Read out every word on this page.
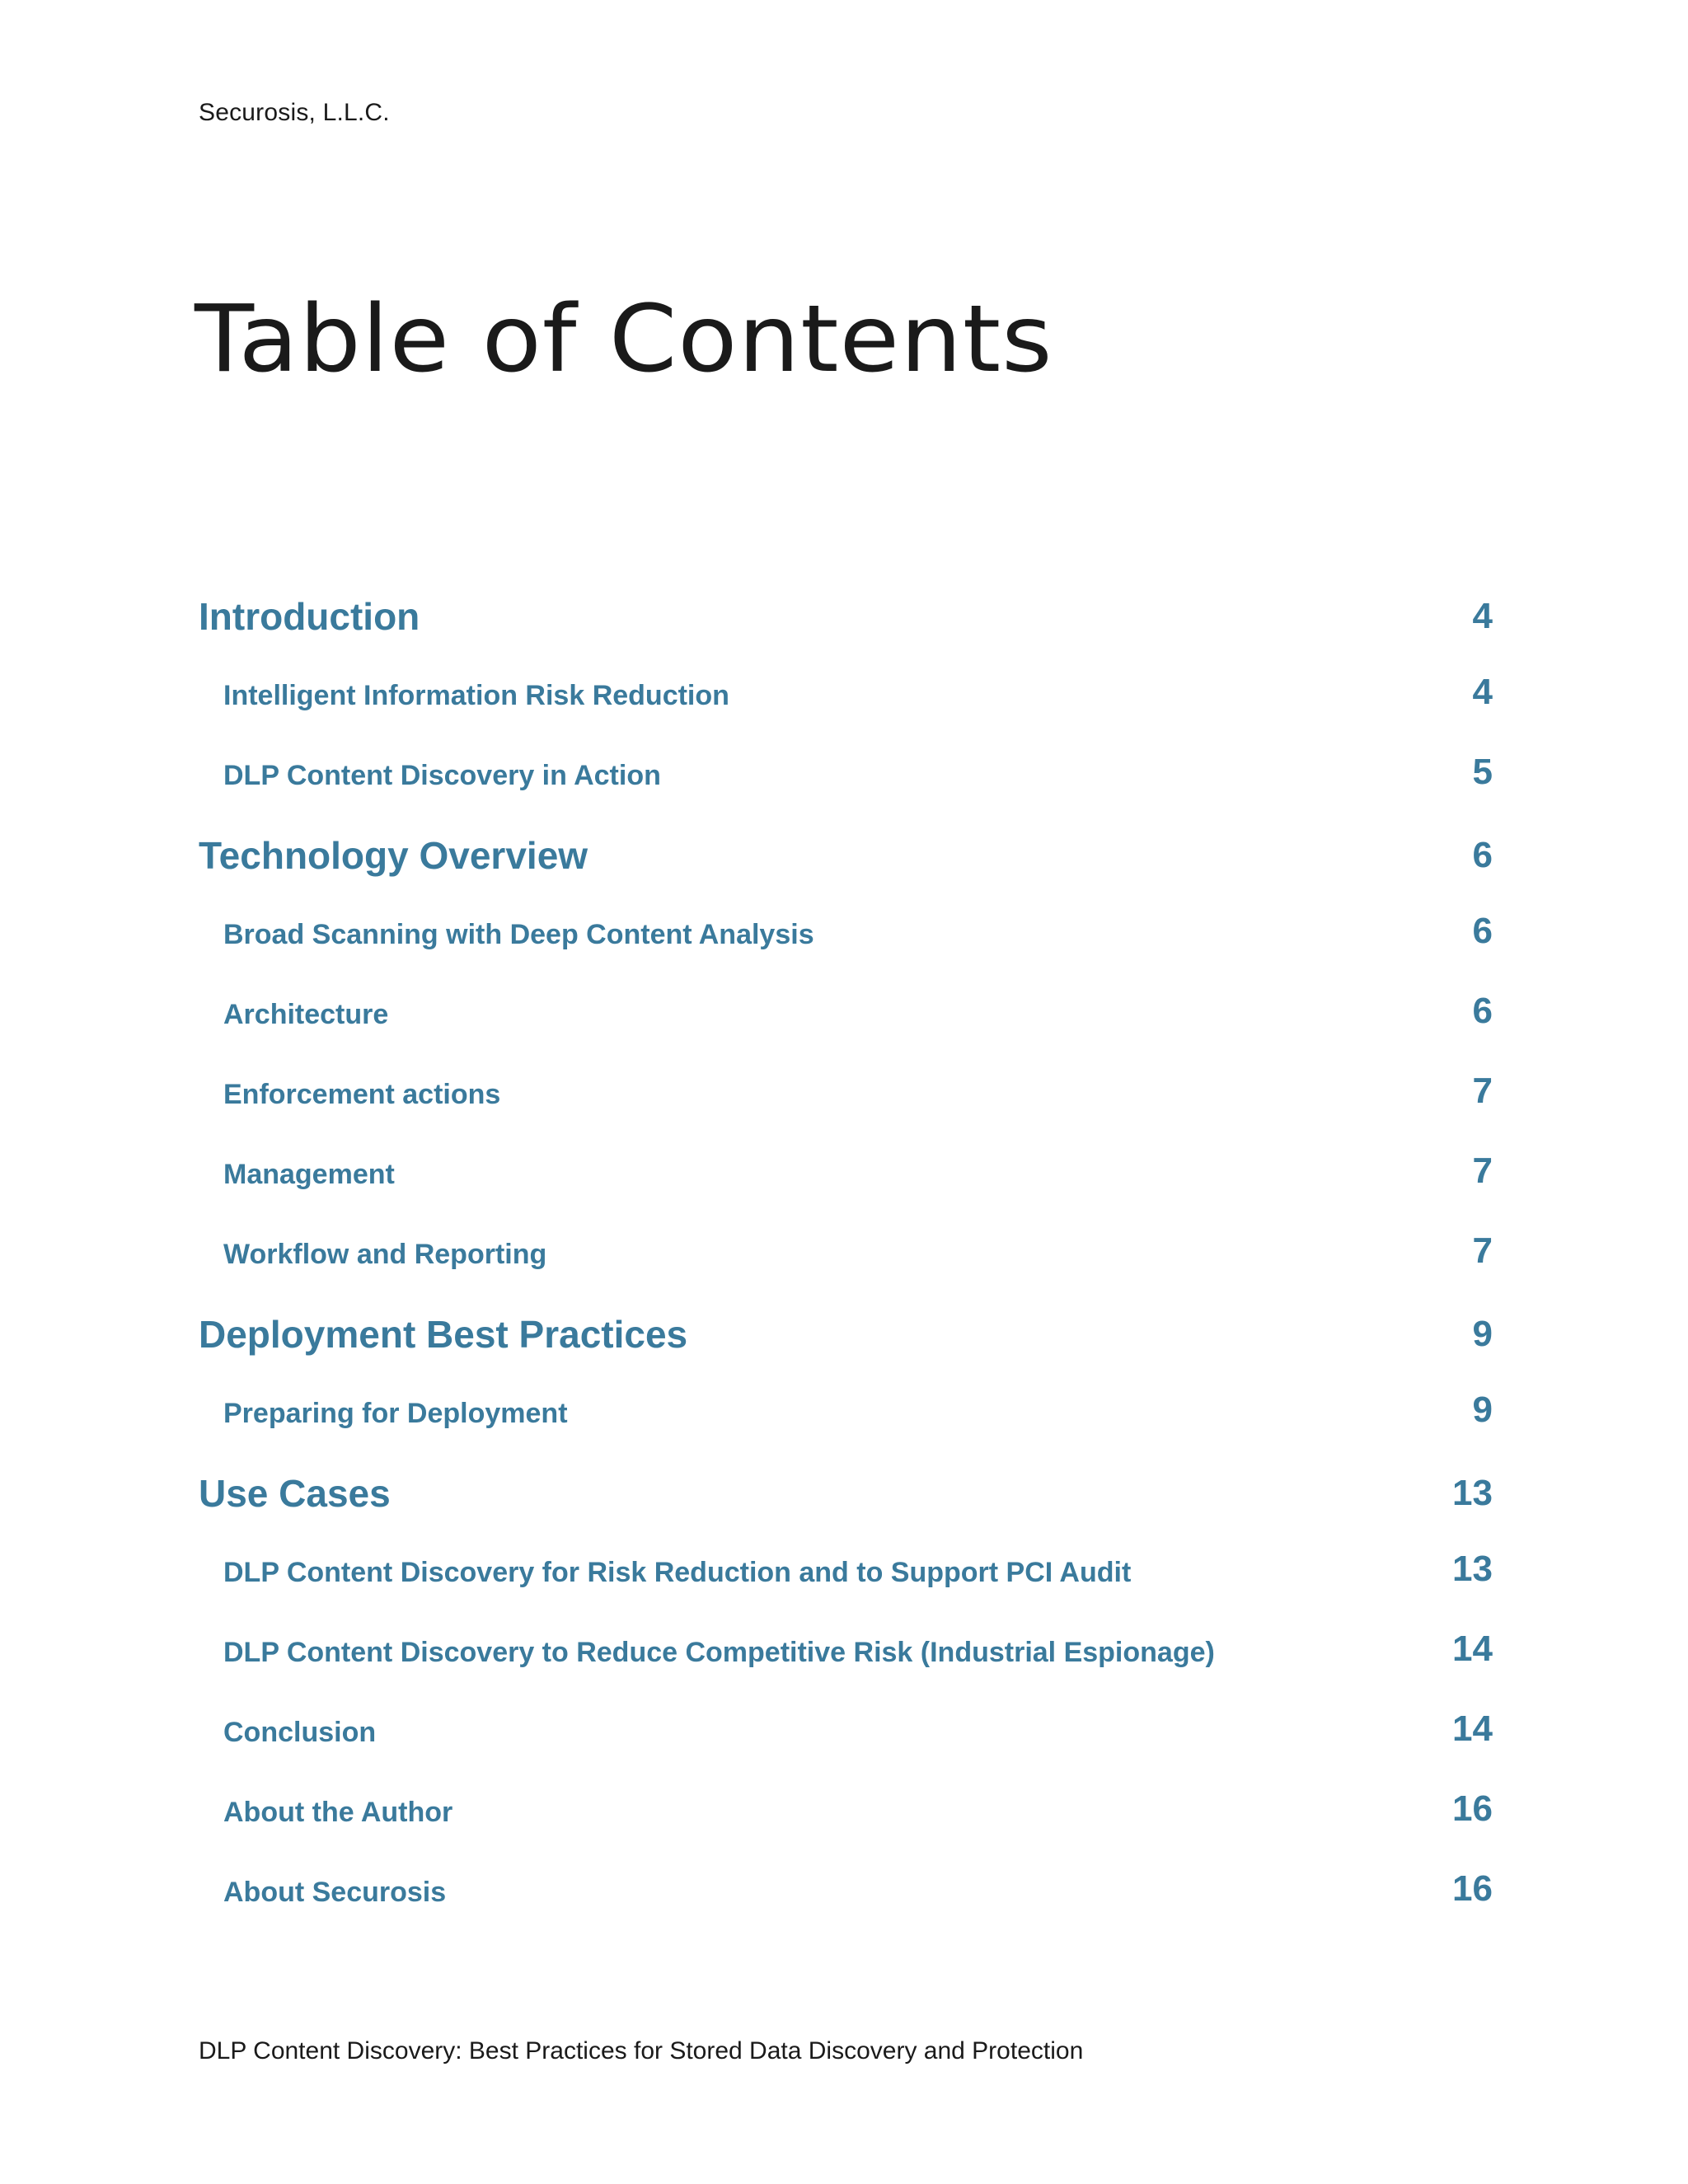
Securosis, L.L.C.
Table of Contents
Introduction	4
Intelligent Information Risk Reduction	4
DLP Content Discovery in Action	5
Technology Overview	6
Broad Scanning with Deep Content Analysis	6
Architecture	6
Enforcement actions	7
Management	7
Workflow and Reporting	7
Deployment Best Practices	9
Preparing for Deployment	9
Use Cases	13
DLP Content Discovery for Risk Reduction and to Support PCI Audit	13
DLP Content Discovery to Reduce Competitive Risk (Industrial Espionage)	14
Conclusion	14
About the Author	16
About Securosis	16
DLP Content Discovery: Best Practices for Stored Data Discovery and Protection
